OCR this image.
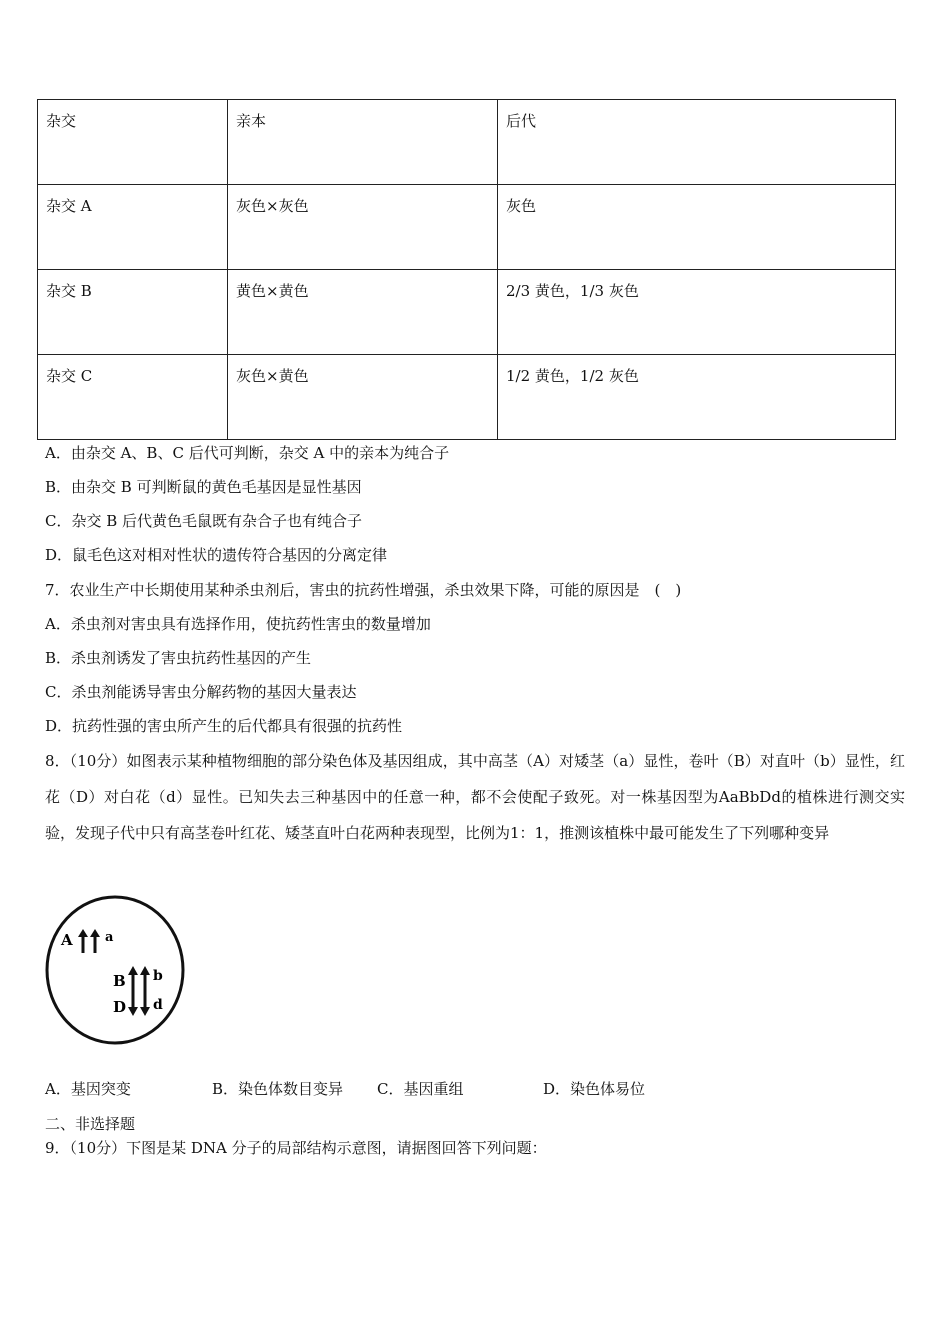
杂交	亲本	后代
杂交 A	灰色×灰色	灰色
杂交 B	黄色×黄色	2/3 黄色，1/3 灰色
杂交 C	灰色×黄色	1/2 黄色，1/2 灰色
A．由杂交 A、B、C 后代可判断，杂交 A 中的亲本为纯合子
B．由杂交 B 可判断鼠的黄色毛基因是显性基因
C．杂交 B 后代黄色毛鼠既有杂合子也有纯合子
D．鼠毛色这对相对性状的遗传符合基因的分离定律
7．农业生产中长期使用某种杀虫剂后，害虫的抗药性增强，杀虫效果下降，可能的原因是　(　)
A．杀虫剂对害虫具有选择作用，使抗药性害虫的数量增加
B．杀虫剂诱发了害虫抗药性基因的产生
C．杀虫剂能诱导害虫分解药物的基因大量表达
D．抗药性强的害虫所产生的后代都具有很强的抗药性
8．（10分）如图表示某种植物细胞的部分染色体及基因组成，其中高茎（A）对矮茎（a）显性，卷叶（B）对直叶（b）显性，红花（D）对白花（d）显性。已知失去三种基因中的任意一种，都不会使配子致死。对一株基因型为AaBbDd的植株进行测交实验，发现子代中只有高茎卷叶红花、矮茎直叶白花两种表现型，比例为1：1，推测该植株中最可能发生了下列哪种变异
A a
B b
D d
A．基因突变	B．染色体数目变异 C．基因重组	D．染色体易位
二、非选择题
9．（10分）下图是某 DNA 分子的局部结构示意图，请据图回答下列问题：
